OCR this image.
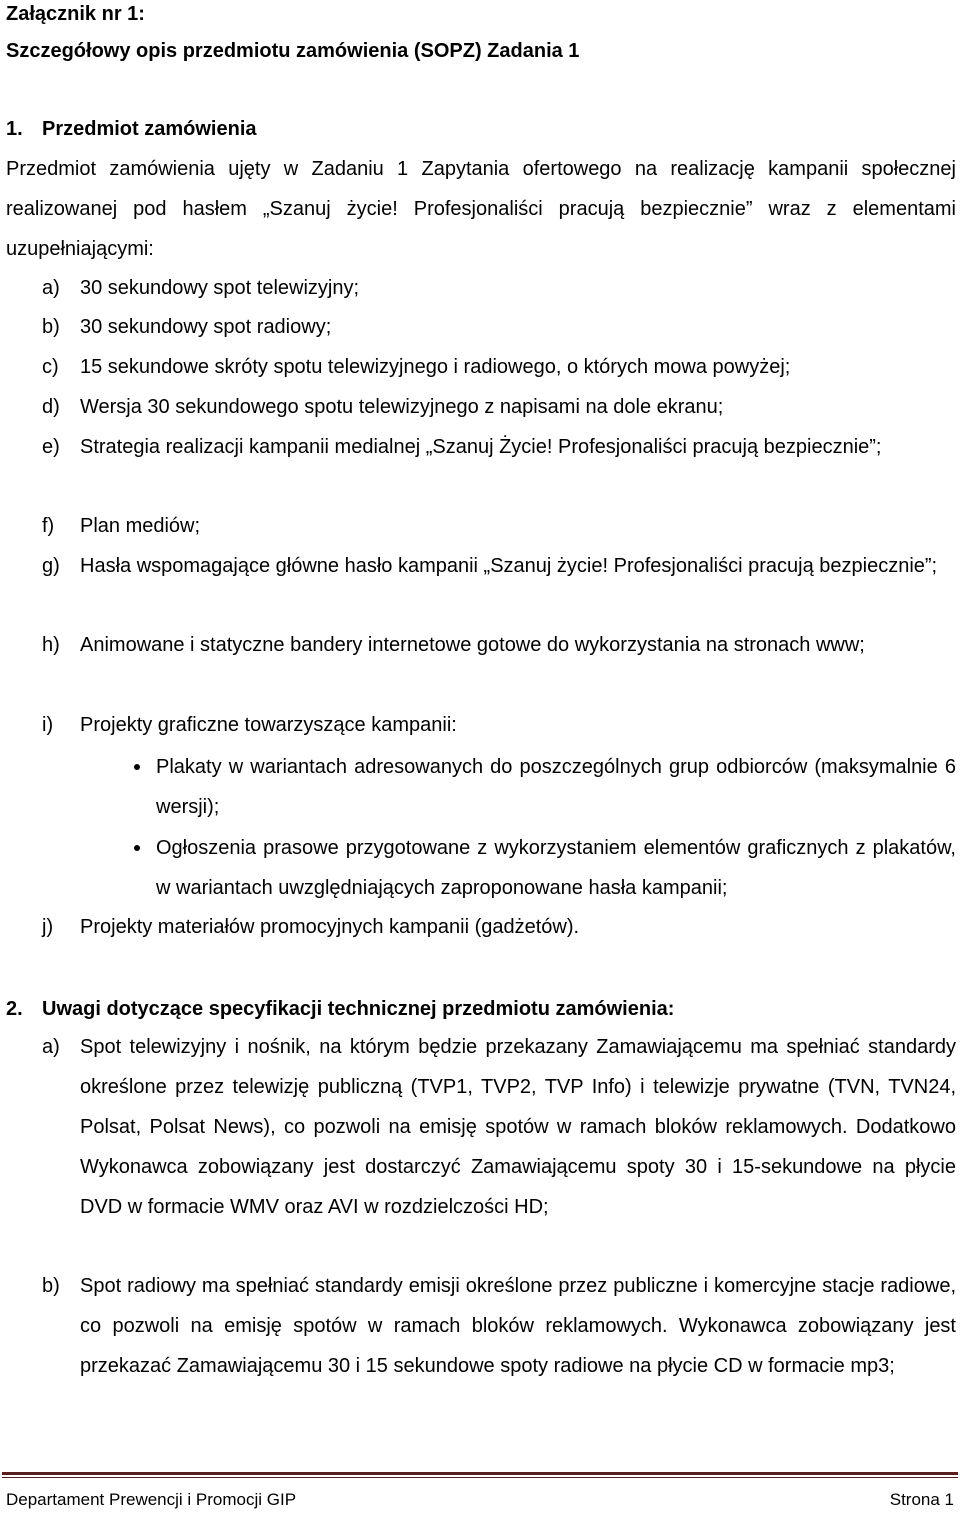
Załącznik nr 1:
Szczegółowy opis przedmiotu zamówienia (SOPZ) Zadania 1
1. Przedmiot zamówienia
Przedmiot zamówienia ujęty w Zadaniu 1 Zapytania ofertowego na realizację kampanii społecznej realizowanej pod hasłem „Szanuj życie! Profesjonaliści pracują bezpiecznie” wraz z elementami uzupełniającymi:
a)	30 sekundowy spot telewizyjny;
b)	30 sekundowy spot radiowy;
c)	15 sekundowe skróty spotu telewizyjnego i radiowego, o których mowa powyżej;
d)	Wersja 30 sekundowego spotu telewizyjnego z napisami na dole ekranu;
e)	Strategia realizacji kampanii medialnej „Szanuj Życie! Profesjonaliści pracują bezpiecznie”;
f)	Plan mediów;
g)	Hasła wspomagające główne hasło kampanii „Szanuj życie! Profesjonaliści pracują bezpiecznie”;
h)	Animowane i statyczne bandery internetowe gotowe do wykorzystania na stronach www;
i)	Projekty graficzne towarzyszące kampanii:
Plakaty w wariantach adresowanych do poszczególnych grup odbiorców (maksymalnie 6 wersji);
Ogłoszenia prasowe przygotowane z wykorzystaniem elementów graficznych z plakatów, w wariantach uwzględniających zaproponowane hasła kampanii;
j)	Projekty materiałów promocyjnych kampanii (gadżetów).
2. Uwagi dotyczące specyfikacji technicznej przedmiotu zamówienia:
a)	Spot telewizyjny i nośnik, na którym będzie przekazany Zamawiającemu ma spełniać standardy określone przez telewizję publiczną (TVP1, TVP2, TVP Info) i telewizje prywatne (TVN, TVN24, Polsat, Polsat News), co pozwoli na emisję spotów w ramach bloków reklamowych. Dodatkowo Wykonawca zobowiązany jest dostarczyć Zamawiającemu spoty 30 i 15-sekundowe na płycie DVD w formacie WMV oraz AVI w rozdzielczości HD;
b)	Spot radiowy ma spełniać standardy emisji określone przez publiczne i komercyjne stacje radiowe, co pozwoli na emisję spotów w ramach bloków reklamowych. Wykonawca zobowiązany jest przekazać Zamawiającemu 30 i 15 sekundowe spoty radiowe na płycie CD w formacie mp3;
Departament Prewencji i Promocji GIP	Strona 1
